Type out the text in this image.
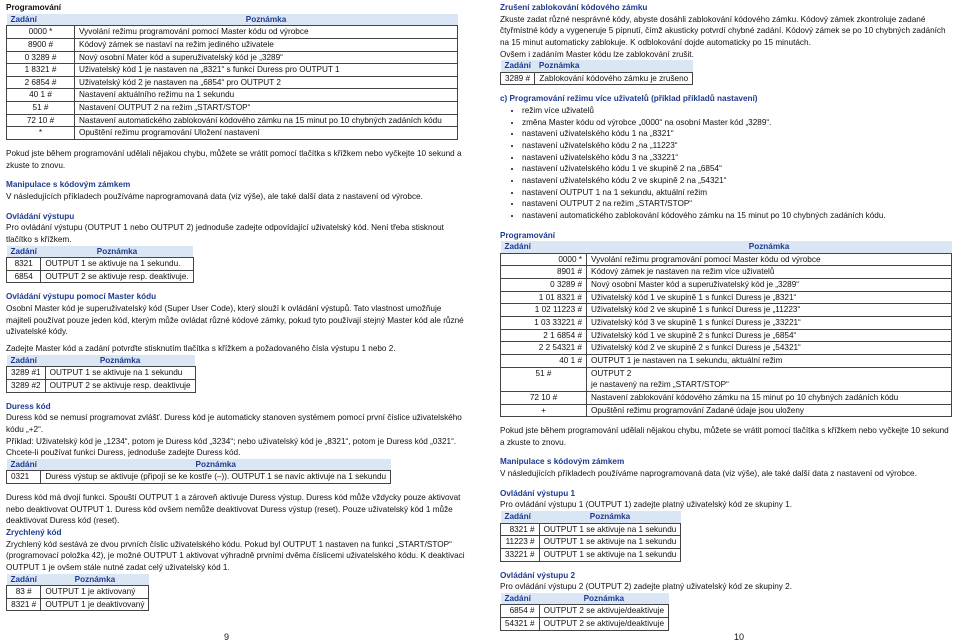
Programování

Zadání	Poznámka
0000 *	Vyvolání režimu programování pomocí Master kódu od výrobce
8900 #	Kódový zámek se nastaví na režim jediného uživatele
0 3289 #	Nový osobní Mater kód a superuživatelský kód je „3289“
1 8321 #	Uživatelský kód 1 je nastaven na „8321“ s funkcí Duress pro OUTPUT 1
2 6854 #	Uživatelský kód 2 je nastaven na „6854“ pro OUTPUT 2
40 1 #	Nastavení aktuálního režimu na 1 sekundu
51 #	Nastavení OUTPUT 2 na režim „START/STOP“
72 10 #	Nastavení automatického zablokování kódového zámku na 15 minut po 10 chybných zadáních kódu
*	Opuštění režimu programování Uložení nastavení

Pokud jste během programování udělali nějakou chybu, můžete se vrátit pomocí tlačítka s křížkem nebo vyčkejte 10 sekund a zkuste to znovu.

Manipulace s kódovým zámkem

V následujících příkladech používáme naprogramovaná data (viz výše), ale také další data z nastavení od výrobce.

Ovládání výstupu

Pro ovládání výstupu (OUTPUT 1 nebo OUTPUT 2) jednoduše zadejte odpovídající uživatelský kód. Není třeba stisknout tlačítko s křížkem.

Zadání	Poznámka
8321	OUTPUT 1 se aktivuje na 1 sekundu.
6854	OUTPUT 2 se aktivuje resp. deaktivuje.

Ovládání výstupu pomocí Master kódu

Osobní Master kód je superuživatelský kód (Super User Code), který slouží k ovládání výstupů. Tato vlastnost umožňuje majiteli používat pouze jeden kód, kterým může ovládat různé kódové zámky, pokud tyto používají stejný Master kód ale různé uživatelské kódy.

Zadejte Master kód a zadání potvrďte stisknutím tlačítka s křížkem a požadovaného čísla výstupu 1 nebo 2.

Zadání	Poznámka
3289 #1	OUTPUT 1 se aktivuje na 1 sekundu
3289 #2	OUTPUT 2 se aktivuje resp. deaktivuje

Duress kód

Duress kód se nemusí programovat zvlášť. Duress kód je automaticky stanoven systémem pomocí první číslice uživatelského kódu „+2“.

Příklad: Uživatelský kód je „1234“, potom je Duress kód „3234“; nebo uživatelský kód je „8321“, potom je Duress kód „0321“.

Chcete-li používat funkci Duress, jednoduše zadejte Duress kód.

Zadání	Poznámka
0321	Duress výstup se aktivuje (připojí se ke kostře (–)). OUTPUT 1 se navíc aktivuje na 1 sekundu

Duress kód má dvojí funkci. Spouští OUTPUT 1 a zároveň aktivuje Duress výstup. Duress kód může vždycky pouze aktivovat nebo deaktivovat OUTPUT 1. Duress kód ovšem nemůže deaktivovat Duress výstup (reset). Pouze uživatelský kód 1 může deaktivovat Duress kód (reset).

Zrychlený kód

Zrychlený kód sestává ze dvou prvních číslic uživatelského kódu. Pokud byl OUTPUT 1 nastaven na funkci „START/STOP“ (programovací položka 42), je možné OUTPUT 1 aktivovat výhradně prvními dvěma číslicemi uživatelského kódu. K deaktivaci OUTPUT 1 je ovšem stále nutné zadat celý uživatelský kód 1.

Zadání	Poznámka
83 #	OUTPUT 1 je aktivovaný
8321 #	OUTPUT 1 je deaktivovaný
9

Zrušení zablokování kódového zámku

Zkuste zadat různé nesprávné kódy, abyste dosáhli zablokování kódového zámku. Kódový zámek zkontroluje zadané čtyřmístné kódy a vygeneruje 5 pípnutí, čímž akusticky potvrdí chybné zadání. Kódový zámek se po 10 chybných zadáních na 15 minut automaticky zablokuje. K odblokování dojde automaticky po 15 minutách.

Ovšem i zadáním Master kódu lze zablokování zrušit.

Zadání	Poznámka
3289 #	Zablokování kódového zámku je zrušeno

c) Programování režimu více uživatelů (příklad příkladů nastavení)

• režim více uživatelů
• změna Master kódu od výrobce „0000“ na osobní Master kód „3289“.
• nastavení uživatelského kódu 1 na „8321“
• nastavení uživatelského kódu 2 na „11223“
• nastavení uživatelského kódu 3 na „33221“
• nastavení uživatelského kódu 1 ve skupině 2 na „6854“
• nastavení uživatelského kódu 2 ve skupině 2 na „54321“
• nastavení OUTPUT 1 na 1 sekundu, aktuální režim
• nastavení OUTPUT 2 na režim „START/STOP“
• nastavení automatického zablokování kódového zámku na 15 minut po 10 chybných zadáních kódu.

Programování

Zadání	Poznámka
0000 *	Vyvolání režimu programování pomocí Master kódu od výrobce
8901 #	Kódový zámek je nastaven na režim více uživatelů
0 3289 #	Nový osobní Master kód a superuživatelský kód je „3289“
1 01 8321 #	Uživatelský kód 1 ve skupině 1 s funkcí Duress je „8321“
1 02 11223 #	Uživatelský kód 2 ve skupině 1 s funkcí Duress je „11223“
1 03 33221 #	Uživatelský kód 3 ve skupině 1 s funkcí Duress je „33221“
2 1 6854 #	Uživatelský kód 1 ve skupině 2 s funkcí Duress je „6854“
2 2 54321 #	Uživatelský kód 2 ve skupině 2 s funkcí Duress je „54321“
40 1 #	OUTPUT 1 je nastaven na 1 sekundu, aktuální režim
51 #	OUTPUT 2
	je nastavený na režim „START/STOP“
72 10 #	Nastavení zablokování kódového zámku na 15 minut po 10 chybných zadáních kódu
+	Opuštění režimu programování Zadané údaje jsou uloženy

Pokud jste během programování udělali nějakou chybu, můžete se vrátit pomocí tlačítka s křížkem nebo vyčkejte 10 sekund a zkuste to znovu.

Manipulace s kódovým zámkem

V následujících příkladech používáme naprogramovaná data (viz výše), ale také další data z nastavení od výrobce.

Ovládání výstupu 1

Pro ovládání výstupu 1 (OUTPUT 1) zadejte platný uživatelský kód ze skupiny 1.

Zadání	Poznámka
8321 #	OUTPUT 1 se aktivuje na 1 sekundu
11223 #	OUTPUT 1 se aktivuje na 1 sekundu
33221 #	OUTPUT 1 se aktivuje na 1 sekundu

Ovládání výstupu 2

Pro ovládání výstupu 2 (OUTPUT 2) zadejte platný uživatelský kód ze skupiny 2.

Zadání	Poznámka
6854 #	OUTPUT 2 se aktivuje/deaktivuje
54321 #	OUTPUT 2 se aktivuje/deaktivuje
10
